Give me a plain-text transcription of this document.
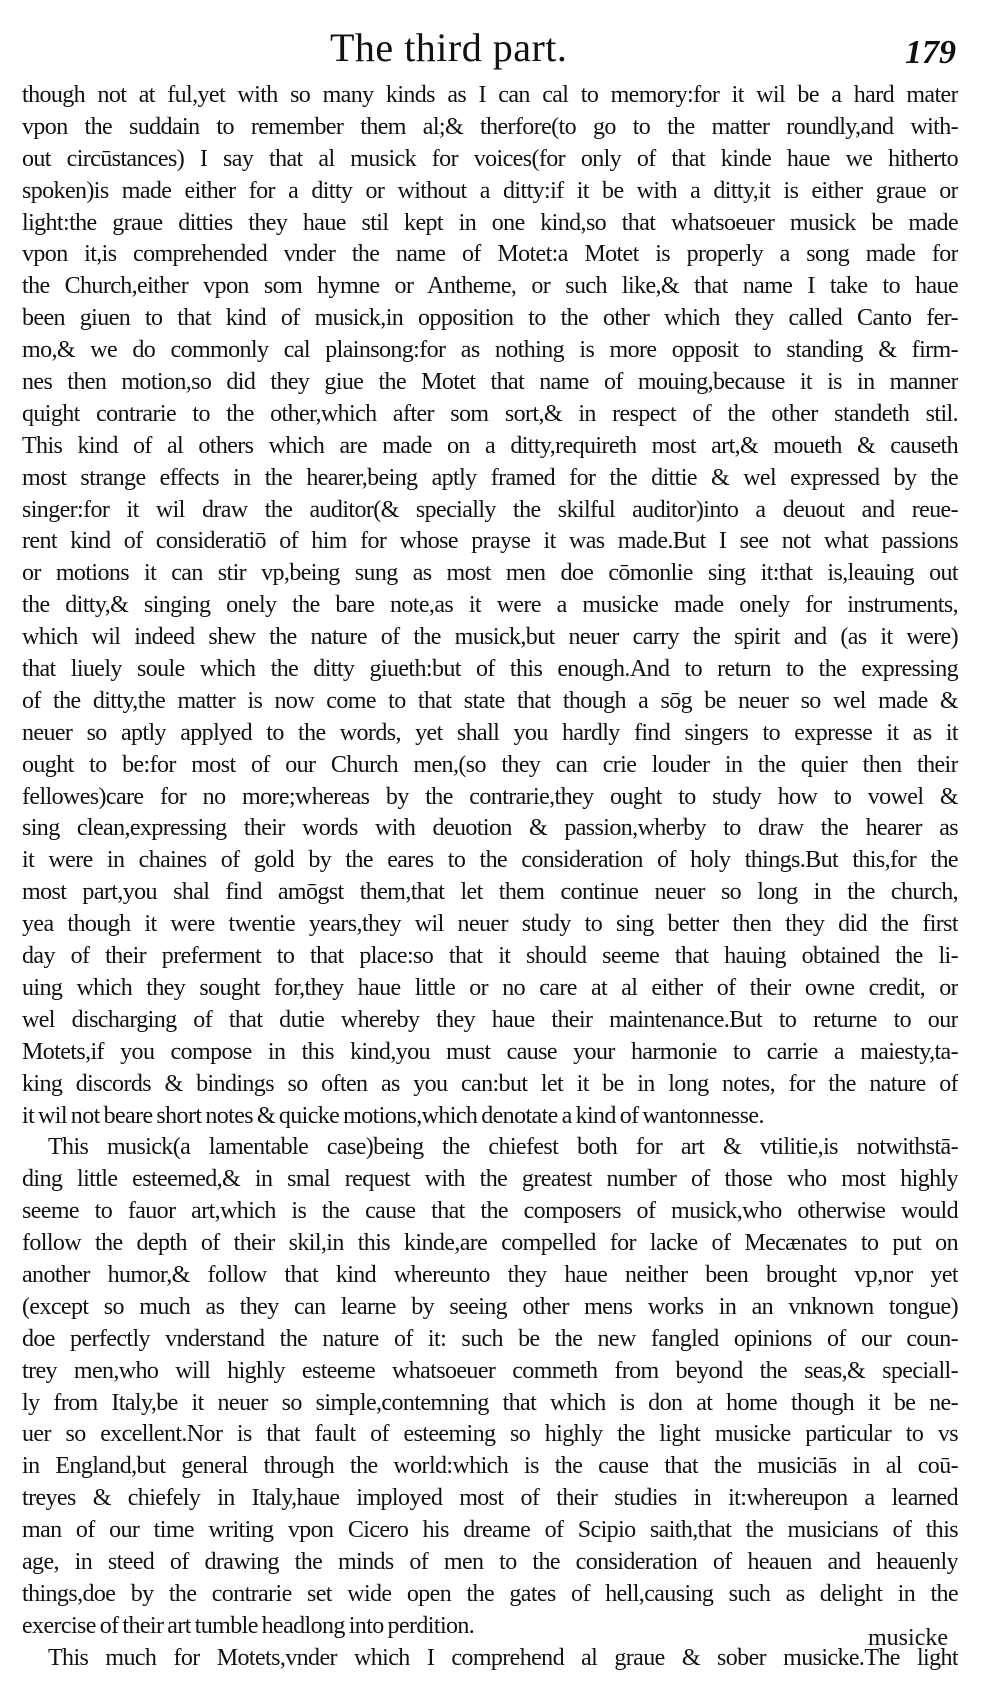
The third part.	179
though not at ful,yet with so many kinds as I can cal to memory:for it wil be a hard mater
vpon the suddain to remember them al;& therfore(to go to the matter roundly,and with-
out circūstances) I say that al musick for voices(for only of that kinde haue we hitherto
spoken)is made either for a ditty or without a ditty:if it be with a ditty,it is either graue or
light:the graue ditties they haue stil kept in one kind,so that whatsoeuer musick be made
vpon it,is comprehended vnder the name of Motet:a Motet is properly a song made for
the Church,either vpon som hymne or Antheme, or such like,& that name I take to haue
been giuen to that kind of musick,in opposition to the other which they called Canto fer-
mo,& we do commonly cal plainsong:for as nothing is more opposit to standing & firm-
nes then motion,so did they giue the Motet that name of mouing,because it is in manner
quight contrarie to the other,which after som sort,& in respect of the other standeth stil.
This kind of al others which are made on a ditty,requireth most art,& moueth & causeth
most strange effects in the hearer,being aptly framed for the dittie & wel expressed by the
singer:for it wil draw the auditor(& specially the skilful auditor)into a deuout and reue-
rent kind of consideratiō of him for whose prayse it was made.But I see not what passions
or motions it can stir vp,being sung as most men doe cōmonlie sing it:that is,leauing out
the ditty,& singing onely the bare note,as it were a musicke made onely for instruments,
which wil indeed shew the nature of the musick,but neuer carry the spirit and (as it were)
that liuely soule which the ditty giueth:but of this enough.And to return to the expressing
of the ditty,the matter is now come to that state that though a sōg be neuer so wel made &
neuer so aptly applyed to the words, yet shall you hardly find singers to expresse it as it
ought to be:for most of our Church men,(so they can crie louder in the quier then their
fellowes)care for no more;whereas by the contrarie,they ought to study how to vowel &
sing clean,expressing their words with deuotion & passion,wherby to draw the hearer as
it were in chaines of gold by the eares to the consideration of holy things.But this,for the
most part,you shal find amōgst them,that let them continue neuer so long in the church,
yea though it were twentie years,they wil neuer study to sing better then they did the first
day of their preferment to that place:so that it should seeme that hauing obtained the li-
uing which they sought for,they haue little or no care at al either of their owne credit, or
wel discharging of that dutie whereby they haue their maintenance.But to returne to our
Motets,if you compose in this kind,you must cause your harmonie to carrie a maiesty,ta-
king discords & bindings so often as you can:but let it be in long notes, for the nature of
it wil not beare short notes & quicke motions,which denotate a kind of wantonnesse.
This musick(a lamentable case)being the chiefest both for art & vtilitie,is notwithstā-
ding little esteemed,& in smal request with the greatest number of those who most highly
seeme to fauor art,which is the cause that the composers of musick,who otherwise would
follow the depth of their skil,in this kinde,are compelled for lacke of Mecænates to put on
another humor,& follow that kind whereunto they haue neither been brought vp,nor yet
(except so much as they can learne by seeing other mens works in an vnknown tongue)
doe perfectly vnderstand the nature of it: such be the new fangled opinions of our coun-
trey men,who will highly esteeme whatsoeuer commeth from beyond the seas,& speciall-
ly from Italy,be it neuer so simple,contemning that which is don at home though it be ne-
uer so excellent.Nor is that fault of esteeming so highly the light musicke particular to vs
in England,but general through the world:which is the cause that the musiciās in al coū-
treyes & chiefely in Italy,haue imployed most of their studies in it:whereupon a learned
man of our time writing vpon Cicero his dreame of Scipio saith,that the musicians of this
age, in steed of drawing the minds of men to the consideration of heauen and heauenly
things,doe by the contrarie set wide open the gates of hell,causing such as delight in the
exercise of their art tumble headlong into perdition.
This much for Motets,vnder which I comprehend al graue & sober musicke.The light
musicke
